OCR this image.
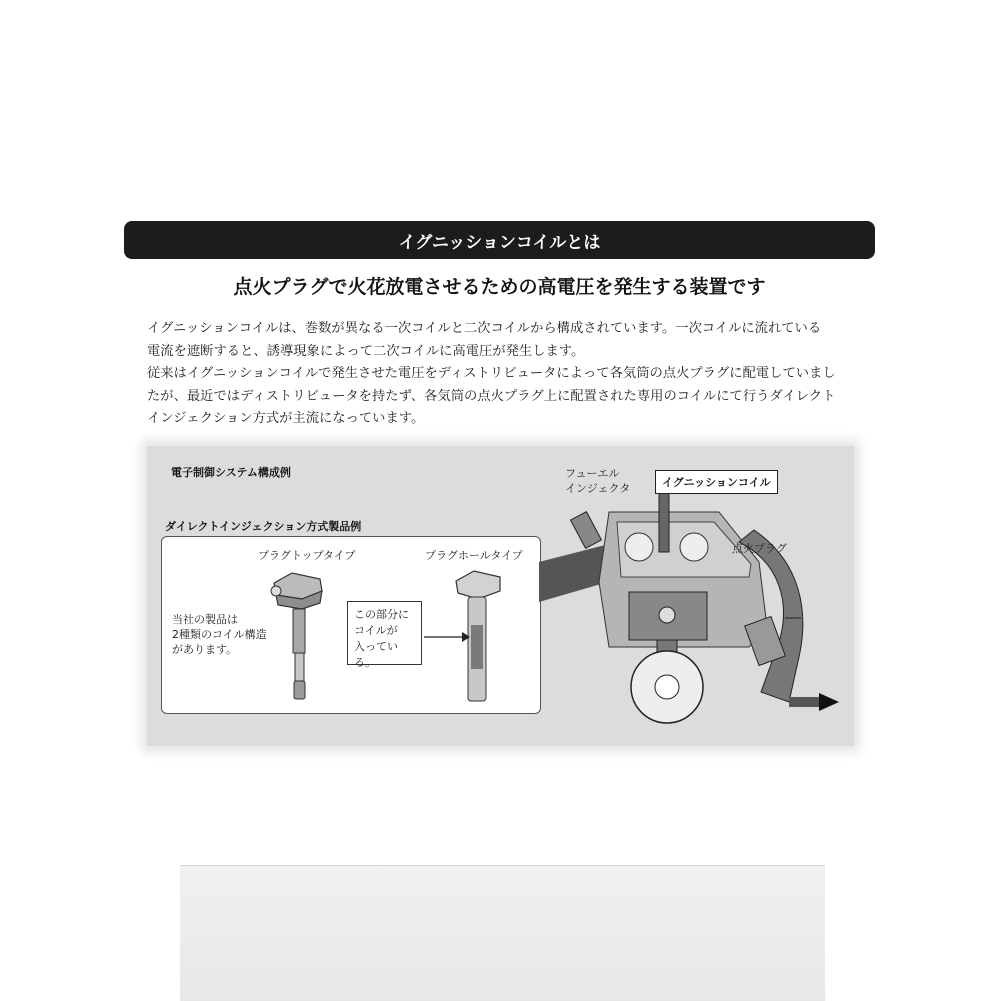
イグニッションコイルとは
点火プラグで火花放電させるための高電圧を発生する装置です

イグニッションコイルは、巻数が異なる一次コイルと二次コイルから構成されています。一次コイルに流れている

電流を遮断すると、誘導現象によって二次コイルに高電圧が発生します。

従来はイグニッションコイルで発生させた電圧をディストリビュータによって各気筒の点火プラグに配電していまし

たが、最近ではディストリビュータを持たず、各気筒の点火プラグ上に配置された専用のコイルにて行うダイレクト

インジェクション方式が主流になっています。

電子制御システム構成例
ダイレクトインジェクション方式製品例
プラグトップタイプ	プラグホールタイプ
当社の製品は
2種類のコイル構造
があります。
この部分に
コイルが
入っている。
フューエル
インジェクタ	イグニッションコイル
点火プラグ
